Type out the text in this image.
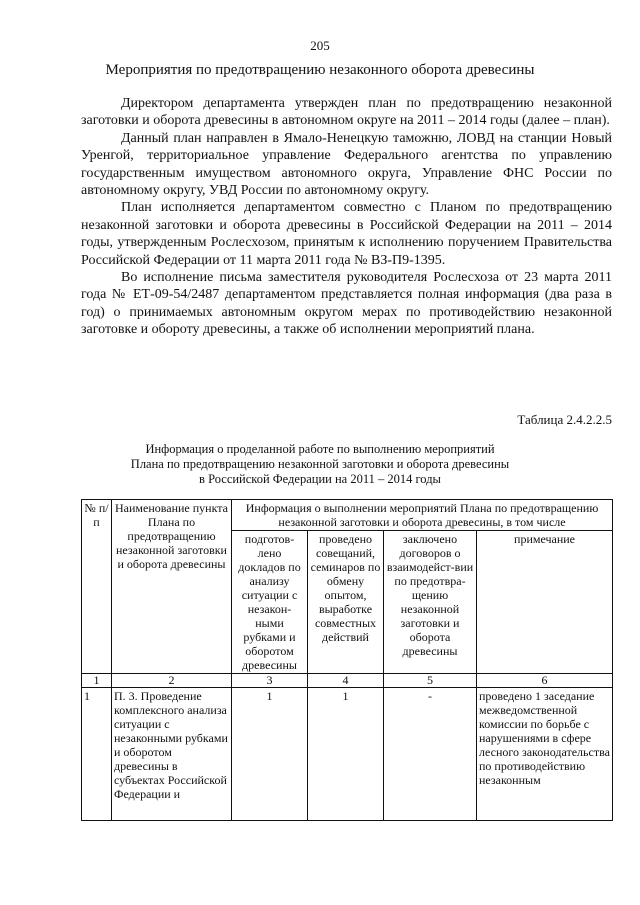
205
Мероприятия по предотвращению незаконного оборота древесины

Директором департамента утвержден план по предотвращению незаконной заготовки и оборота древесины в автономном округе на 2011 – 2014 годы (далее – план).

Данный план направлен в Ямало-Ненецкую таможню, ЛОВД на станции Новый Уренгой, территориальное управление Федерального агентства по управлению государственным имуществом автономного округа, Управление ФНС России по автономному округу, УВД России по автономному округу.

План исполняется департаментом совместно с Планом по предотвращению незаконной заготовки и оборота древесины в Российской Федерации на 2011 – 2014 годы, утвержденным Рослесхозом, принятым к исполнению поручением Правительства Российской Федерации от 11 марта 2011 года № ВЗ-П9-1395.

Во исполнение письма заместителя руководителя Рослесхоза от 23 марта 2011 года № ЕТ-09-54/2487 департаментом представляется полная информация (два раза в год) о принимаемых автономным округом мерах по противодействию незаконной заготовке и обороту древесины, а также об исполнении мероприятий плана.

Таблица 2.4.2.2.5
Информация о проделанной работе по выполнению мероприятий
Плана по предотвращению незаконной заготовки и оборота древесины
в Российской Федерации на 2011 – 2014 годы
№ п/п	Наименование пункта Плана по предотвращению незаконной заготовки и оборота древесины	Информация о выполнении мероприятий Плана по предотвращению незаконной заготовки и оборота древесины, в том числе			
		подготов-лено докладов по анализу ситуации с незакон-ными рубками и оборотом древесины	проведено совещаний, семинаров по обмену опытом, выработке совместных действий	заключено договоров о взаимодейст-вии по предотвра-щению незаконной заготовки и оборота древесины	примечание
1	2	3	4	5	6
1	П. 3. Проведение комплексного анализа ситуации с незаконными рубками и оборотом древесины в субъектах Российской Федерации и	1	1	-	проведено 1 заседание межведомственной комиссии по борьбе с нарушениями в сфере лесного законодательства по противодействию незаконным
